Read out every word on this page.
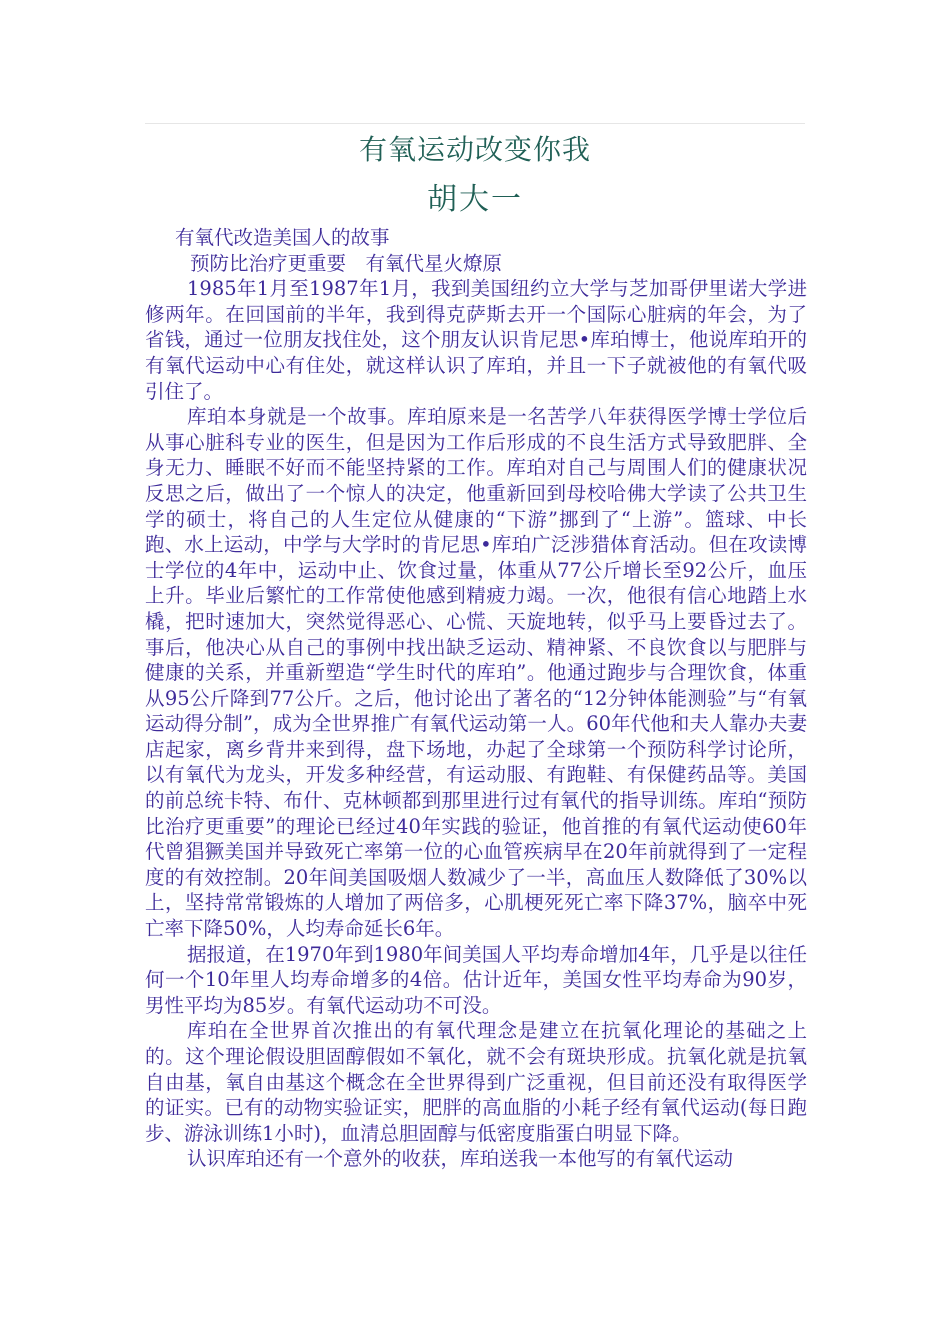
有氧运动改变你我
胡大一

有氧代改造美国人的故事

预防比治疗更重要　有氧代星火燎原

1985年1月至1987年1月，我到美国纽约立大学与芝加哥伊里诺大学进修两年。在回国前的半年，我到得克萨斯去开一个国际心脏病的年会，为了省钱，通过一位朋友找住处，这个朋友认识肯尼思•库珀博士，他说库珀开的有氧代运动中心有住处，就这样认识了库珀，并且一下子就被他的有氧代吸引住了。

库珀本身就是一个故事。库珀原来是一名苦学八年获得医学博士学位后从事心脏科专业的医生，但是因为工作后形成的不良生活方式导致肥胖、全身无力、睡眠不好而不能坚持紧的工作。库珀对自己与周围人们的健康状况反思之后，做出了一个惊人的决定，他重新回到母校哈佛大学读了公共卫生学的硕士，将自己的人生定位从健康的“下游”挪到了“上游”。篮球、中长跑、水上运动，中学与大学时的肯尼思•库珀广泛涉猎体育活动。但在攻读博士学位的4年中，运动中止、饮食过量，体重从77公斤增长至92公斤，血压上升。毕业后繁忙的工作常使他感到精疲力竭。一次，他很有信心地踏上水橇，把时速加大，突然觉得恶心、心慌、天旋地转，似乎马上要昏过去了。事后，他决心从自己的事例中找出缺乏运动、精神紧、不良饮食以与肥胖与健康的关系，并重新塑造“学生时代的库珀”。他通过跑步与合理饮食，体重从95公斤降到77公斤。之后，他讨论出了著名的“12分钟体能测验”与“有氧运动得分制”，成为全世界推广有氧代运动第一人。60年代他和夫人靠办夫妻店起家，离乡背井来到得，盘下场地，办起了全球第一个预防科学讨论所，以有氧代为龙头，开发多种经营，有运动服、有跑鞋、有保健药品等。美国的前总统卡特、布什、克林顿都到那里进行过有氧代的指导训练。库珀“预防比治疗更重要”的理论已经过40年实践的验证，他首推的有氧代运动使60年代曾猖獗美国并导致死亡率第一位的心血管疾病早在20年前就得到了一定程度的有效控制。20年间美国吸烟人数减少了一半，高血压人数降低了30%以上，坚持常常锻炼的人增加了两倍多，心肌梗死死亡率下降37%，脑卒中死亡率下降50%，人均寿命延长6年。

据报道，在1970年到1980年间美国人平均寿命增加4年，几乎是以往任何一个10年里人均寿命增多的4倍。估计近年，美国女性平均寿命为90岁，男性平均为85岁。有氧代运动功不可没。

库珀在全世界首次推出的有氧代理念是建立在抗氧化理论的基础之上的。这个理论假设胆固醇假如不氧化，就不会有斑块形成。抗氧化就是抗氧自由基，氧自由基这个概念在全世界得到广泛重视，但目前还没有取得医学的证实。已有的动物实验证实，肥胖的高血脂的小耗子经有氧代运动(每日跑步、游泳训练1小时)，血清总胆固醇与低密度脂蛋白明显下降。

认识库珀还有一个意外的收获，库珀送我一本他写的有氧代运动
